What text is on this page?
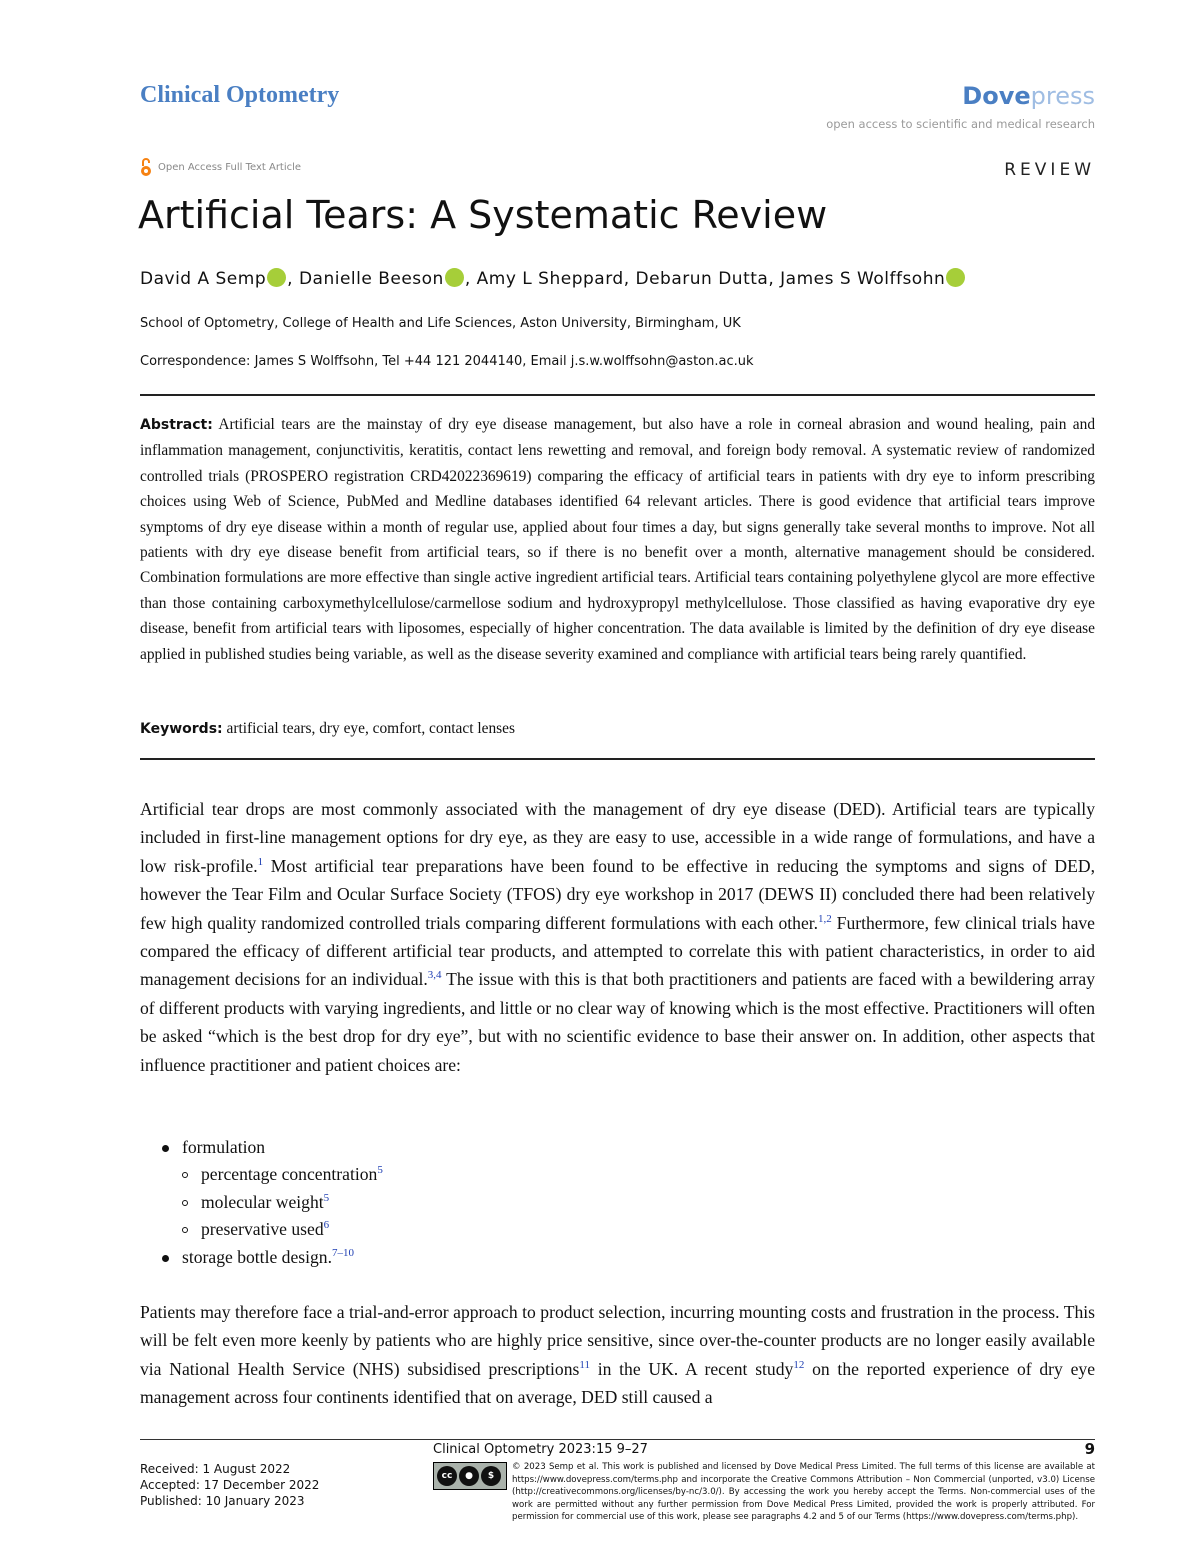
Clinical Optometry	Dovepress
open access to scientific and medical research
Open Access Full Text Article	REVIEW
Artificial Tears: A Systematic Review
David A Semp , Danielle Beeson , Amy L Sheppard, Debarun Dutta, James S Wolffsohn
School of Optometry, College of Health and Life Sciences, Aston University, Birmingham, UK
Correspondence: James S Wolffsohn, Tel +44 121 2044140, Email j.s.w.wolffsohn@aston.ac.uk

Abstract: Artificial tears are the mainstay of dry eye disease management, but also have a role in corneal abrasion and wound healing, pain and inflammation management, conjunctivitis, keratitis, contact lens rewetting and removal, and foreign body removal. A systematic review of randomized controlled trials (PROSPERO registration CRD42022369619) comparing the efficacy of artificial tears in patients with dry eye to inform prescribing choices using Web of Science, PubMed and Medline databases identified 64 relevant articles. There is good evidence that artificial tears improve symptoms of dry eye disease within a month of regular use, applied about four times a day, but signs generally take several months to improve. Not all patients with dry eye disease benefit from artificial tears, so if there is no benefit over a month, alternative management should be considered. Combination formulations are more effective than single active ingredient artificial tears. Artificial tears containing polyethylene glycol are more effective than those containing carboxymethylcellulose/carmellose sodium and hydroxypropyl methylcellulose. Those classified as having evaporative dry eye disease, benefit from artificial tears with liposomes, especially of higher concentration. The data available is limited by the definition of dry eye disease applied in published studies being variable, as well as the disease severity examined and compliance with artificial tears being rarely quantified.

Keywords: artificial tears, dry eye, comfort, contact lenses

Artificial tear drops are most commonly associated with the management of dry eye disease (DED). Artificial tears are typically included in first-line management options for dry eye, as they are easy to use, accessible in a wide range of formulations, and have a low risk-profile.$^1$ Most artificial tear preparations have been found to be effective in reducing the symptoms and signs of DED, however the Tear Film and Ocular Surface Society (TFOS) dry eye workshop in 2017 (DEWS II) concluded there had been relatively few high quality randomized controlled trials comparing different formulations with each other.$^{1,2}$ Furthermore, few clinical trials have compared the efficacy of different artificial tear products, and attempted to correlate this with patient characteristics, in order to aid management decisions for an individual.$^{3,4}$ The issue with this is that both practitioners and patients are faced with a bewildering array of different products with varying ingredients, and little or no clear way of knowing which is the most effective. Practitioners will often be asked “which is the best drop for dry eye”, but with no scientific evidence to base their answer on. In addition, other aspects that influence practitioner and patient choices are:

formulation
percentage concentration$^5$
molecular weight$^5$
preservative used$^6$
storage bottle design.$^{7-10}$

Patients may therefore face a trial-and-error approach to product selection, incurring mounting costs and frustration in the process. This will be felt even more keenly by patients who are highly price sensitive, since over-the-counter products are no longer easily available via National Health Service (NHS) subsidised prescriptions$^{11}$ in the UK. A recent study$^{12}$ on the reported experience of dry eye management across four continents identified that on average, DED still caused a

Clinical Optometry 2023:15 9–27	9
Received: 1 August 2022
Accepted: 17 December 2022
Published: 10 January 2023
cc	●	$

© 2023 Semp et al. This work is published and licensed by Dove Medical Press Limited. The full terms of this license are available at https://www.dovepress.com/terms.php and incorporate the Creative Commons Attribution – Non Commercial (unported, v3.0) License (http://creativecommons.org/licenses/by-nc/3.0/). By accessing the work you hereby accept the Terms. Non-commercial uses of the work are permitted without any further permission from Dove Medical Press Limited, provided the work is properly attributed. For permission for commercial use of this work, please see paragraphs 4.2 and 5 of our Terms (https://www.dovepress.com/terms.php).
